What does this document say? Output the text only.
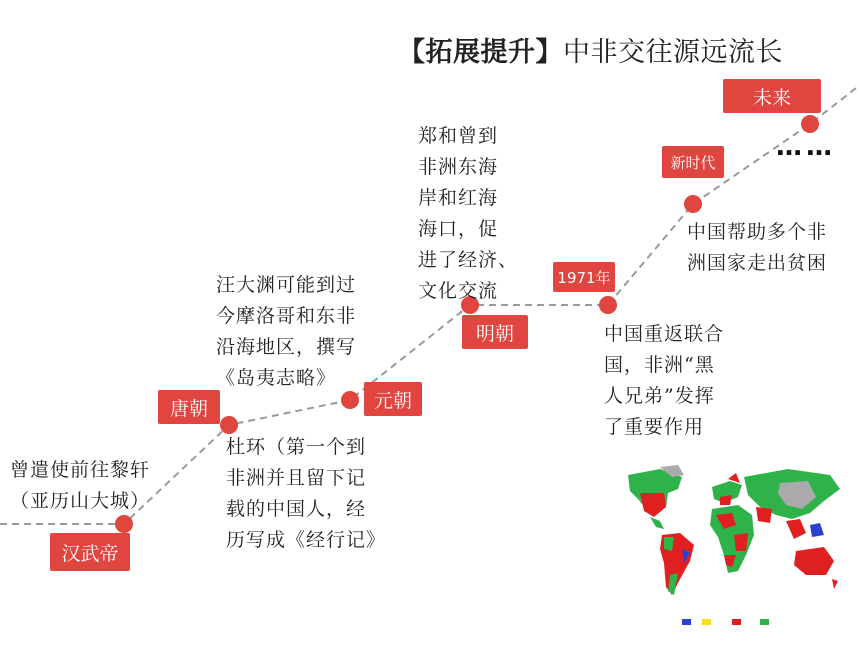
【拓展提升】中非交往源远流长
汉武帝
唐朝	元朝
明朝
1971年
新时代
未来
曾遣使前往黎轩
（亚历山大城）
杜环（第一个到
非洲并且留下记
载的中国人，经
历写成《经行记》
汪大渊可能到过
今摩洛哥和东非
沿海地区，撰写
《岛夷志略》
郑和曾到
非洲东海
岸和红海
海口，促
进了经济、
文化交流
中国重返联合
国，非洲“黑
人兄弟”发挥
了重要作用
中国帮助多个非
洲国家走出贫困
……
